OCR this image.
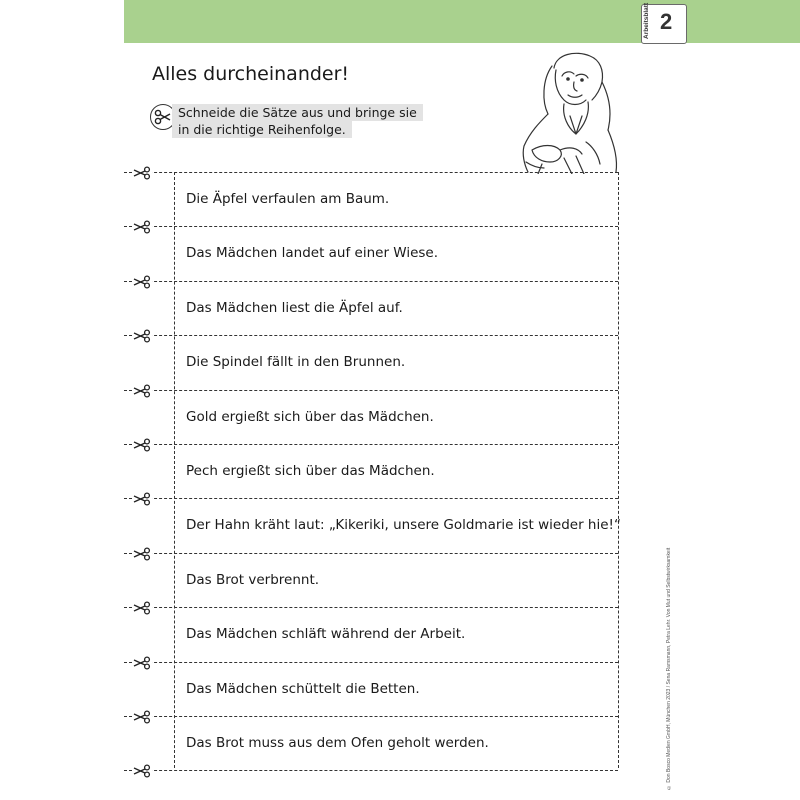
Arbeitsblatt 2
Alles durcheinander!
Schneide die Sätze aus und bringe sie
in die richtige Reihenfolge.
Die Äpfel verfaulen am Baum.
Das Mädchen landet auf einer Wiese.
Das Mädchen liest die Äpfel auf.
Die Spindel fällt in den Brunnen.
Gold ergießt sich über das Mädchen.
Pech ergießt sich über das Mädchen.
Der Hahn kräht laut: „Kikeriki, unsere Goldmarie ist wieder hie!“
Das Brot verbrennt.
Das Mädchen schläft während der Arbeit.
Das Mädchen schüttelt die Betten.
Das Brot muss aus dem Ofen geholt werden.	© Don Bosco Medien GmbH, München 2023 / Sena Ramsmann, Petra Lehr. Von Mut und Selbstwirksamkeit
